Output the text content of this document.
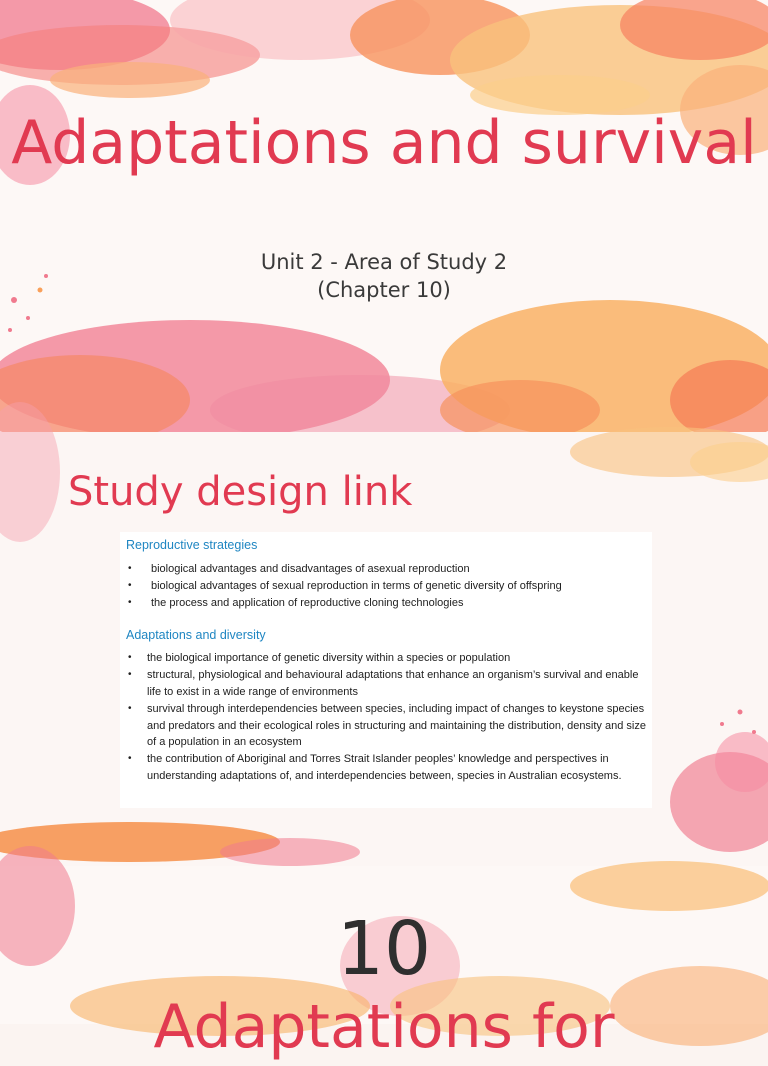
Adaptations and survival
Unit 2 - Area of Study 2
(Chapter 10)
Study design link
Reproductive strategies
• biological advantages and disadvantages of asexual reproduction
• biological advantages of sexual reproduction in terms of genetic diversity of offspring
• the process and application of reproductive cloning technologies
Adaptations and diversity
• the biological importance of genetic diversity within a species or population
• structural, physiological and behavioural adaptations that enhance an organism’s survival and enable life to exist in a wide range of environments
• survival through interdependencies between species, including impact of changes to keystone species and predators and their ecological roles in structuring and maintaining the distribution, density and size of a population in an ecosystem
• the contribution of Aboriginal and Torres Strait Islander peoples’ knowledge and perspectives in understanding adaptations of, and interdependencies between, species in Australian ecosystems.
10
Adaptations for
